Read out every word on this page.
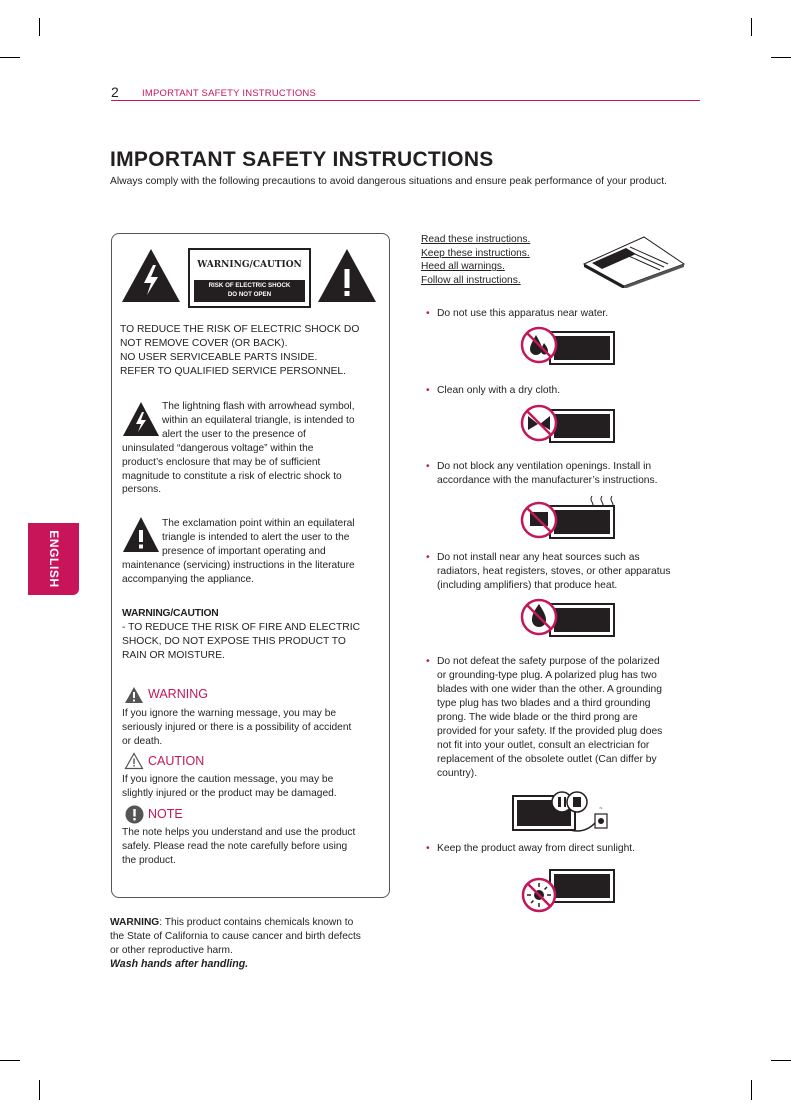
2 IMPORTANT SAFETY INSTRUCTIONS
IMPORTANT SAFETY INSTRUCTIONS
Always comply with the following precautions to avoid dangerous situations and ensure peak performance of your product.
ENGLISH
WARNING/CAUTION
RISK OF ELECTRIC SHOCK
DO NOT OPEN
TO REDUCE THE RISK OF ELECTRIC SHOCK DO
NOT REMOVE COVER (OR BACK).
NO USER SERVICEABLE PARTS INSIDE.
REFER TO QUALIFIED SERVICE PERSONNEL.
The lightning flash with arrowhead symbol,
within an equilateral triangle, is intended to
alert the user to the presence of
uninsulated “dangerous voltage” within the
product’s enclosure that may be of sufficient
magnitude to constitute a risk of electric shock to
persons.
The exclamation point within an equilateral
triangle is intended to alert the user to the
presence of important operating and
maintenance (servicing) instructions in the literature
accompanying the appliance.
WARNING/CAUTION
- TO REDUCE THE RISK OF FIRE AND ELECTRIC
SHOCK, DO NOT EXPOSE THIS PRODUCT TO
RAIN OR MOISTURE.
WARNING
If you ignore the warning message, you may be
seriously injured or there is a possibility of accident
or death.
CAUTION
If you ignore the caution message, you may be
slightly injured or the product may be damaged.
NOTE
The note helps you understand and use the product
safely. Please read the note carefully before using
the product.
WARNING: This product contains chemicals known to
the State of California to cause cancer and birth defects
or other reproductive harm.
Wash hands after handling.
Read these instructions.
Keep these instructions.
Heed all warnings.
Follow all instructions.
• Do not use this apparatus near water.
• Clean only with a dry cloth.
• Do not block any ventilation openings. Install in
accordance with the manufacturer’s instructions.
• Do not install near any heat sources such as
radiators, heat registers, stoves, or other apparatus
(including amplifiers) that produce heat.
• Do not defeat the safety purpose of the polarized
or grounding-type plug. A polarized plug has two
blades with one wider than the other. A grounding
type plug has two blades and a third grounding
prong. The wide blade or the third prong are
provided for your safety. If the provided plug does
not fit into your outlet, consult an electrician for
replacement of the obsolete outlet (Can differ by
country).
~
• Keep the product away from direct sunlight.
